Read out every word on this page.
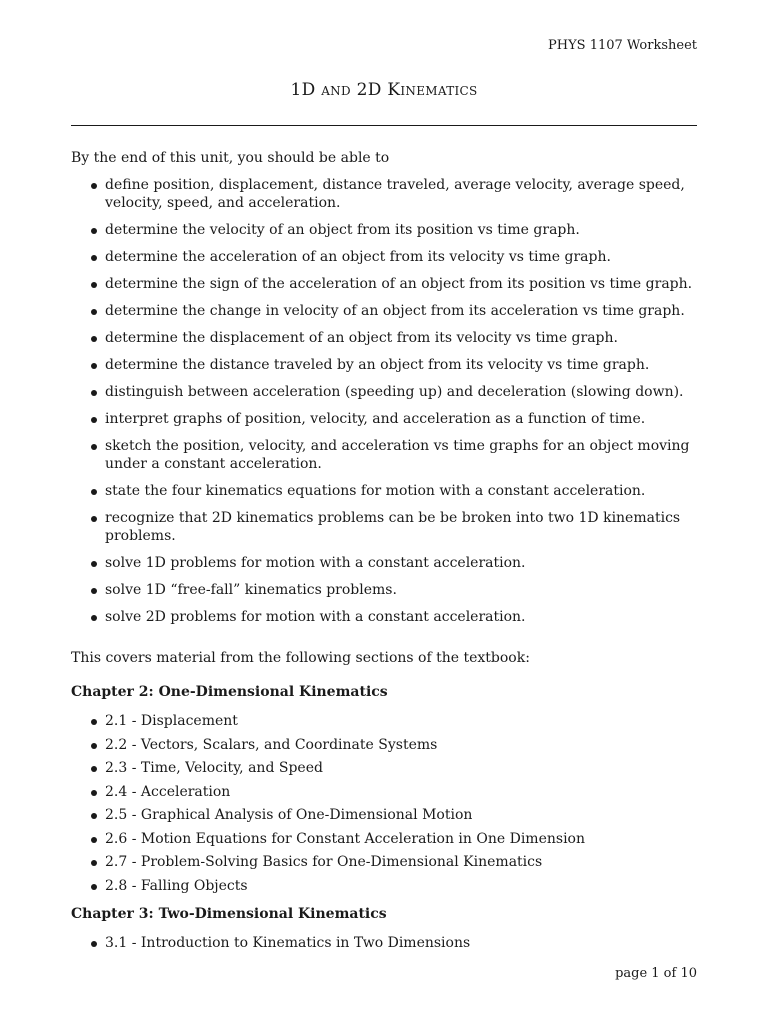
PHYS 1107 Worksheet
1D and 2D Kinematics

By the end of this unit, you should be able to

define position, displacement, distance traveled, average velocity, average speed, velocity, speed, and acceleration.
determine the velocity of an object from its position vs time graph.
determine the acceleration of an object from its velocity vs time graph.
determine the sign of the acceleration of an object from its position vs time graph.
determine the change in velocity of an object from its acceleration vs time graph.
determine the displacement of an object from its velocity vs time graph.
determine the distance traveled by an object from its velocity vs time graph.
distinguish between acceleration (speeding up) and deceleration (slowing down).
interpret graphs of position, velocity, and acceleration as a function of time.
sketch the position, velocity, and acceleration vs time graphs for an object moving under a constant acceleration.
state the four kinematics equations for motion with a constant acceleration.
recognize that 2D kinematics problems can be be broken into two 1D kinematics problems.
solve 1D problems for motion with a constant acceleration.
solve 1D “free-fall” kinematics problems.
solve 2D problems for motion with a constant acceleration.

This covers material from the following sections of the textbook:

Chapter 2: One-Dimensional Kinematics
2.1 - Displacement
2.2 - Vectors, Scalars, and Coordinate Systems
2.3 - Time, Velocity, and Speed
2.4 - Acceleration
2.5 - Graphical Analysis of One-Dimensional Motion
2.6 - Motion Equations for Constant Acceleration in One Dimension
2.7 - Problem-Solving Basics for One-Dimensional Kinematics
2.8 - Falling Objects
Chapter 3: Two-Dimensional Kinematics
3.1 - Introduction to Kinematics in Two Dimensions
page 1 of 10
